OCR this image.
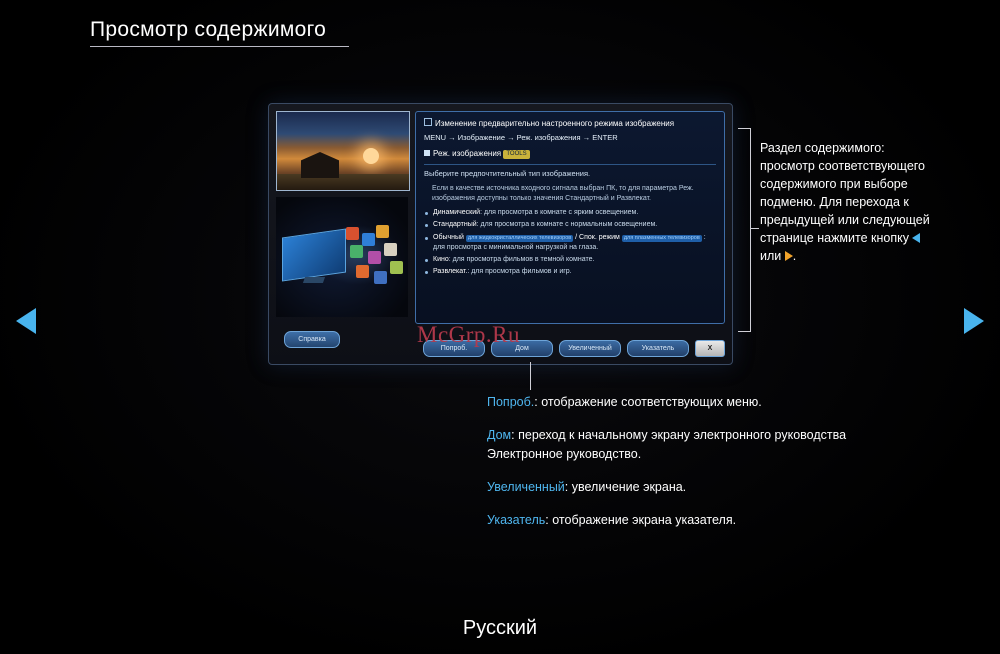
Просмотр содержимого
Справка
Изменение предварительно настроенного режима изображения
MENU → Изображение → Реж. изображения → ENTER
Реж. изображения TOOLS
Выберите предпочтительный тип изображения.
Если в качестве источника входного сигнала выбран ПК, то для параметра Реж. изображения доступны только значения Стандартный и Развлекат.
Динамический: для просмотра в комнате с ярким освещением.
Стандартный: для просмотра в комнате с нормальным освещением.
Обычный для жидкокристаллических телевизоров / Спок. режим для плазменных телевизоров : для просмотра с минимальной нагрузкой на глаза.
Кино: для просмотра фильмов в темной комнате.
Развлекат.: для просмотра фильмов и игр.
Попроб.	Дом	Увеличенный	Указатель	X
McGrp.Ru
Раздел содержимого: просмотр соответствующего содержимого при выборе подменю. Для перехода к предыдущей или следующей странице нажмите кнопку  или .

Попроб.: отображение соответствующих меню.

Дом: переход к начальному экрану электронного руководства Электронное руководство.

Увеличенный: увеличение экрана.

Указатель: отображение экрана указателя.

Русский
